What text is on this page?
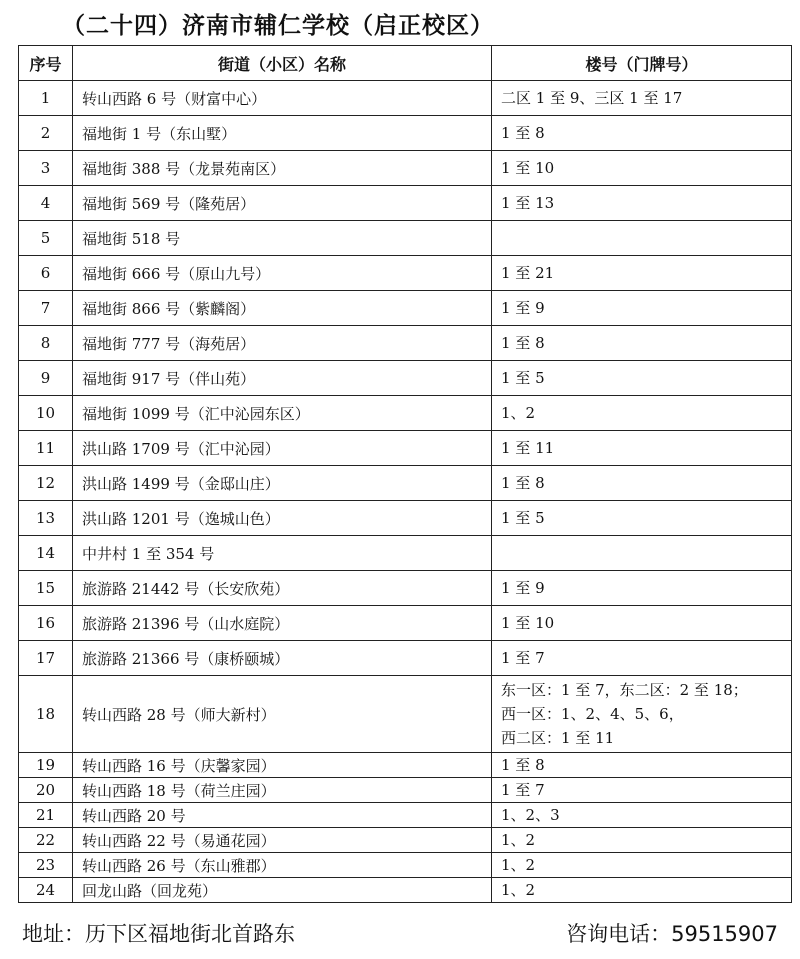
（二十四）济南市辅仁学校（启正校区）
序号	街道（小区）名称	楼号（门牌号）
1	转山西路 6 号（财富中心）	二区 1 至 9、三区 1 至 17
2	福地街 1 号（东山墅）	1 至 8
3	福地街 388 号（龙景苑南区）	1 至 10
4	福地街 569 号（隆苑居）	1 至 13
5	福地街 518 号	
6	福地街 666 号（原山九号）	1 至 21
7	福地街 866 号（紫麟阁）	1 至 9
8	福地街 777 号（海苑居）	1 至 8
9	福地街 917 号（伴山苑）	1 至 5
10	福地街 1099 号（汇中沁园东区）	1、2
11	洪山路 1709 号（汇中沁园）	1 至 11
12	洪山路 1499 号（金邸山庄）	1 至 8
13	洪山路 1201 号（逸城山色）	1 至 5
14	中井村 1 至 354 号	
15	旅游路 21442 号（长安欣苑）	1 至 9
16	旅游路 21396 号（山水庭院）	1 至 10
17	旅游路 21366 号（康桥颐城）	1 至 7
18	转山西路 28 号（师大新村）	东一区：1 至 7，东二区：2 至 18；
西一区：1、2、4、5、6，
西二区：1 至 11

19	转山西路 16 号（庆馨家园）	1 至 8
20	转山西路 18 号（荷兰庄园）	1 至 7
21	转山西路 20 号	1、2、3
22	转山西路 22 号（易通花园）	1、2
23	转山西路 26 号（东山雅郡）	1、2
24	回龙山路（回龙苑）	1、2
地址：历下区福地街北首路东	咨询电话：59515907
